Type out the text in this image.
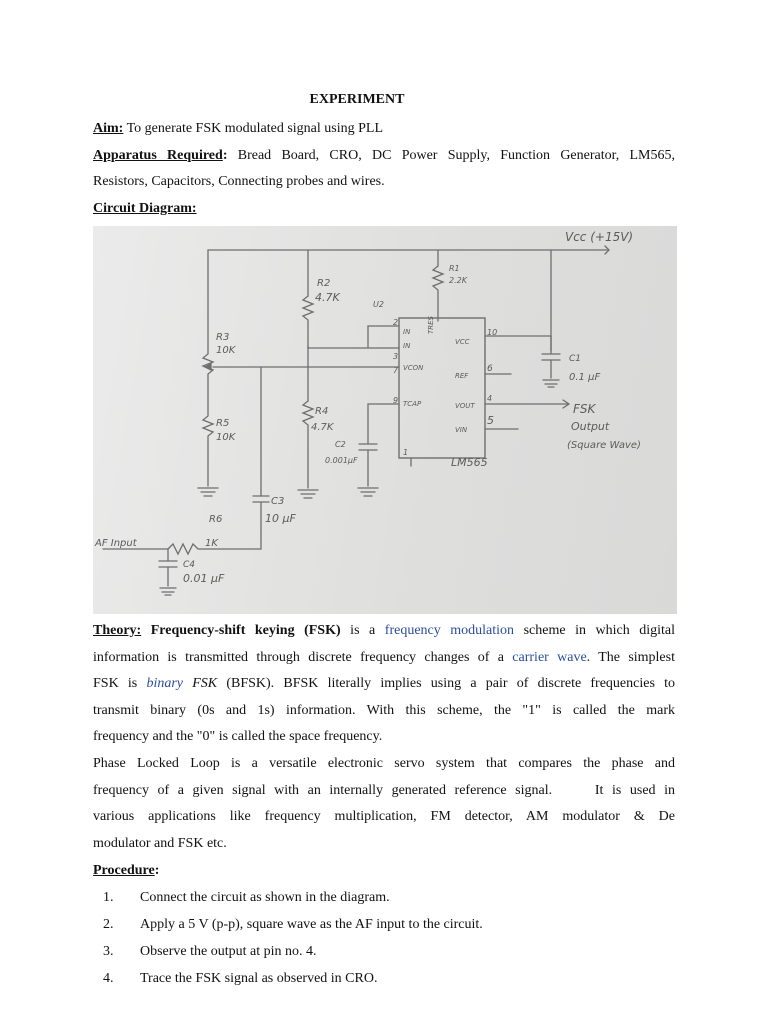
EXPERIMENT
Aim: To generate FSK modulated signal using PLL
Apparatus Required: Bread Board, CRO, DC Power Supply, Function Generator, LM565,
Resistors, Capacitors, Connecting probes and wires.
Circuit Diagram:
Vcc (+15V)
R1
2.2K
R2
4.7K
U2
R3
10K
2
3
7
9
IN
IN
VCON
TCAP
TRES
VCC
REF
VOUT
VIN
10
6
4
5
1
LM565
C1
0.1 µF
FSK
Output
(Square Wave)
R5
10K
R4
4.7K
C2
0.001µF
C3
10 µF
R6
1K
AF Input
C4
0.01 µF
Theory: Frequency-shift keying (FSK) is a frequency modulation scheme in which digital
information is transmitted through discrete frequency changes of a carrier wave. The simplest
FSK is binary FSK (BFSK). BFSK literally implies using a pair of discrete frequencies to
transmit binary (0s and 1s) information. With this scheme, the "1" is called the mark
frequency and the "0" is called the space frequency.
Phase Locked Loop is a versatile electronic servo system that compares the phase and
frequency of a given signal with an internally generated reference signal.     It is used in
various applications like frequency multiplication, FM detector, AM modulator & De
modulator and FSK etc.
Procedure:
1. Connect the circuit as shown in the diagram.
2. Apply a 5 V (p-p), square wave as the AF input to the circuit.
3. Observe the output at pin no. 4.
4. Trace the FSK signal as observed in CRO.
